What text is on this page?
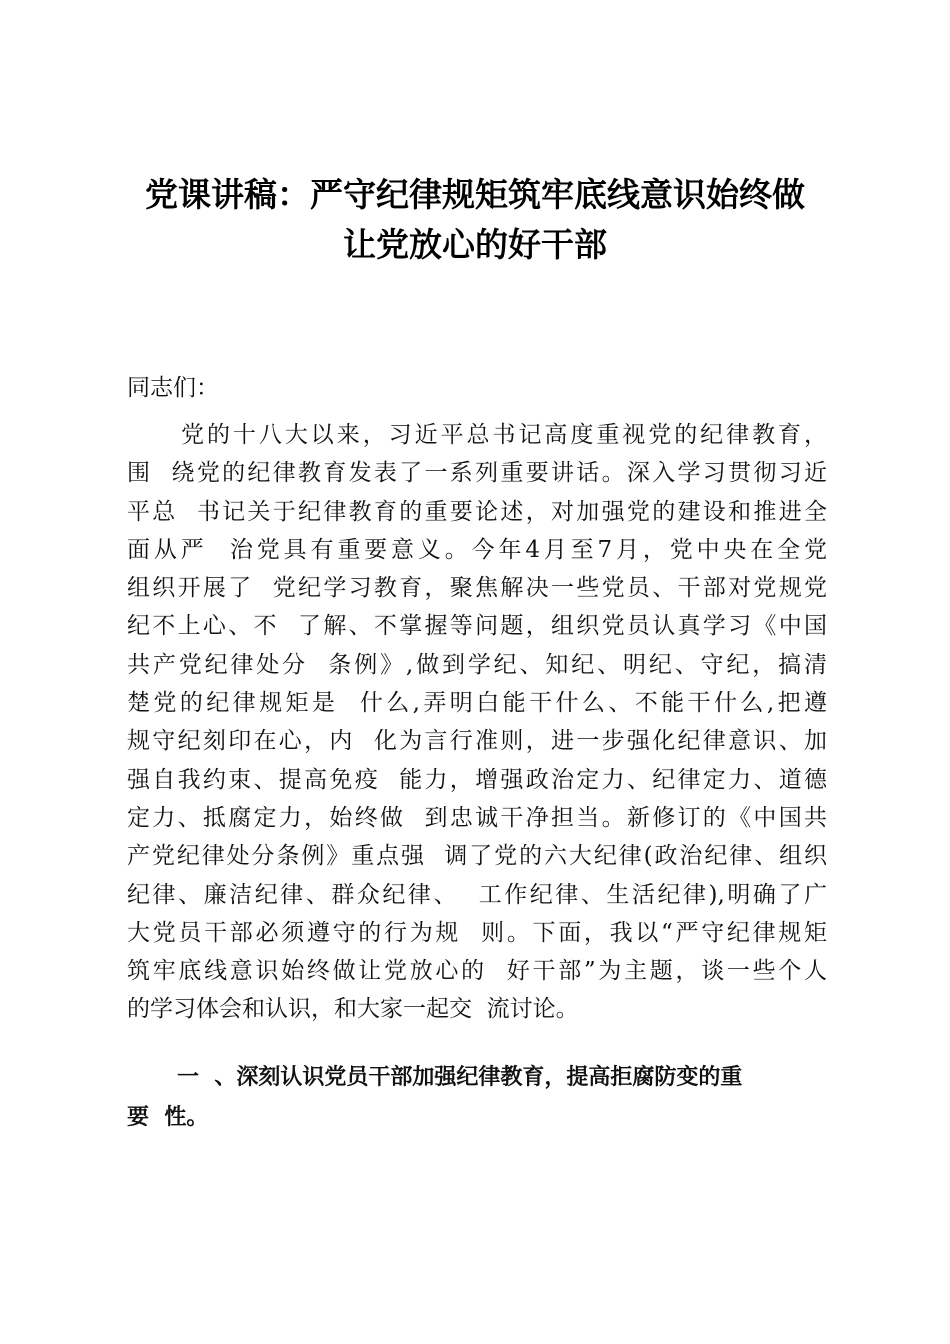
党课讲稿：严守纪律规矩筑牢底线意识始终做
让党放心的好干部

同志们：

党的十八大以来，习近平总书记高度重视党的纪律教育，
围  绕党的纪律教育发表了一系列重要讲话。深入学习贯彻习近
平总  书记关于纪律教育的重要论述，对加强党的建设和推进全
面从严  治党具有重要意义。今年4月至7月，党中央在全党
组织开展了  党纪学习教育，聚焦解决一些党员、干部对党规党
纪不上心、不  了解、不掌握等问题，组织党员认真学习《中国
共产党纪律处分  条例》,做到学纪、知纪、明纪、守纪，搞清
楚党的纪律规矩是  什么,弄明白能干什么、不能干什么,把遵
规守纪刻印在心，内  化为言行准则，进一步强化纪律意识、加
强自我约束、提高免疫  能力，增强政治定力、纪律定力、道德
定力、抵腐定力，始终做  到忠诚干净担当。新修订的《中国共
产党纪律处分条例》重点强  调了党的六大纪律(政治纪律、组织
纪律、廉洁纪律、群众纪律、  工作纪律、生活纪律),明确了广
大党员干部必须遵守的行为规  则。下面，我以“严守纪律规矩
筑牢底线意识始终做让党放心的  好干部”为主题，谈一些个人
的学习体会和认识，和大家一起交  流讨论。
一  、深刻认识党员干部加强纪律教育，提高拒腐防变的重
要  性。
